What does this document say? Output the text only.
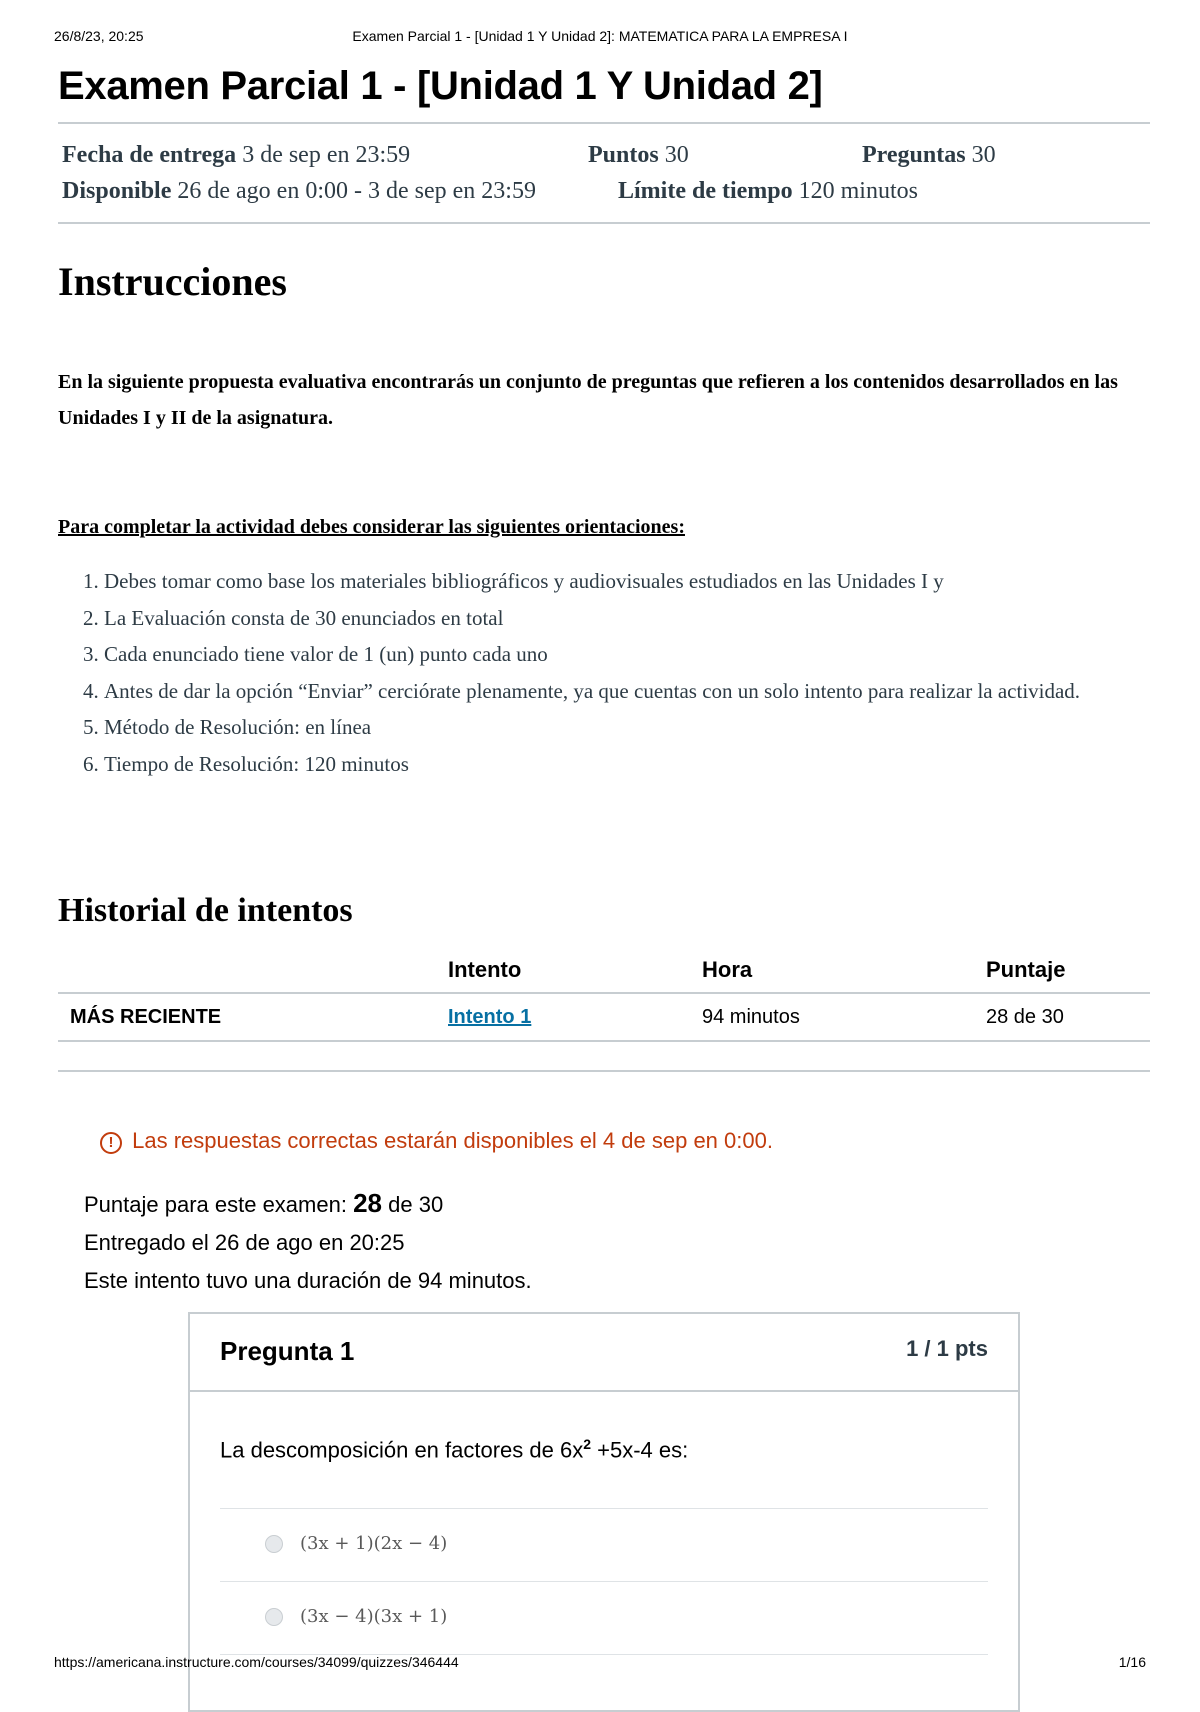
26/8/23, 20:25	Examen Parcial 1 - [Unidad 1 Y Unidad 2]: MATEMATICA PARA LA EMPRESA I
Examen Parcial 1 - [Unidad 1 Y Unidad 2]
Fecha de entrega 3 de sep en 23:59	Puntos 30	Preguntas 30
Disponible 26 de ago en 0:00 - 3 de sep en 23:59	Límite de tiempo 120 minutos
Instrucciones

En la siguiente propuesta evaluativa encontrarás un conjunto de preguntas que refieren a los contenidos desarrollados en las Unidades I y II de la asignatura.

Para completar la actividad debes considerar las siguientes orientaciones:

1. Debes tomar como base los materiales bibliográficos y audiovisuales estudiados en las Unidades I y
2. La Evaluación consta de 30 enunciados en total
3. Cada enunciado tiene valor de 1 (un) punto cada uno
4. Antes de dar la opción “Enviar” cerciórate plenamente, ya que cuentas con un solo intento para realizar la actividad.
5. Método de Resolución: en línea
6. Tiempo de Resolución: 120 minutos
Historial de intentos
	Intento	Hora	Puntaje
MÁS RECIENTE	Intento 1	94 minutos	28 de 30
! Las respuestas correctas estarán disponibles el 4 de sep en 0:00.
Puntaje para este examen: 28 de 30
Entregado el 26 de ago en 20:25
Este intento tuvo una duración de 94 minutos.
Pregunta 1	1 / 1 pts

La descomposición en factores de $6x^2 +5x-4$ es:

(3x + 1)(2x − 4)
(3x − 4)(3x + 1)
https://americana.instructure.com/courses/34099/quizzes/346444	1/16
